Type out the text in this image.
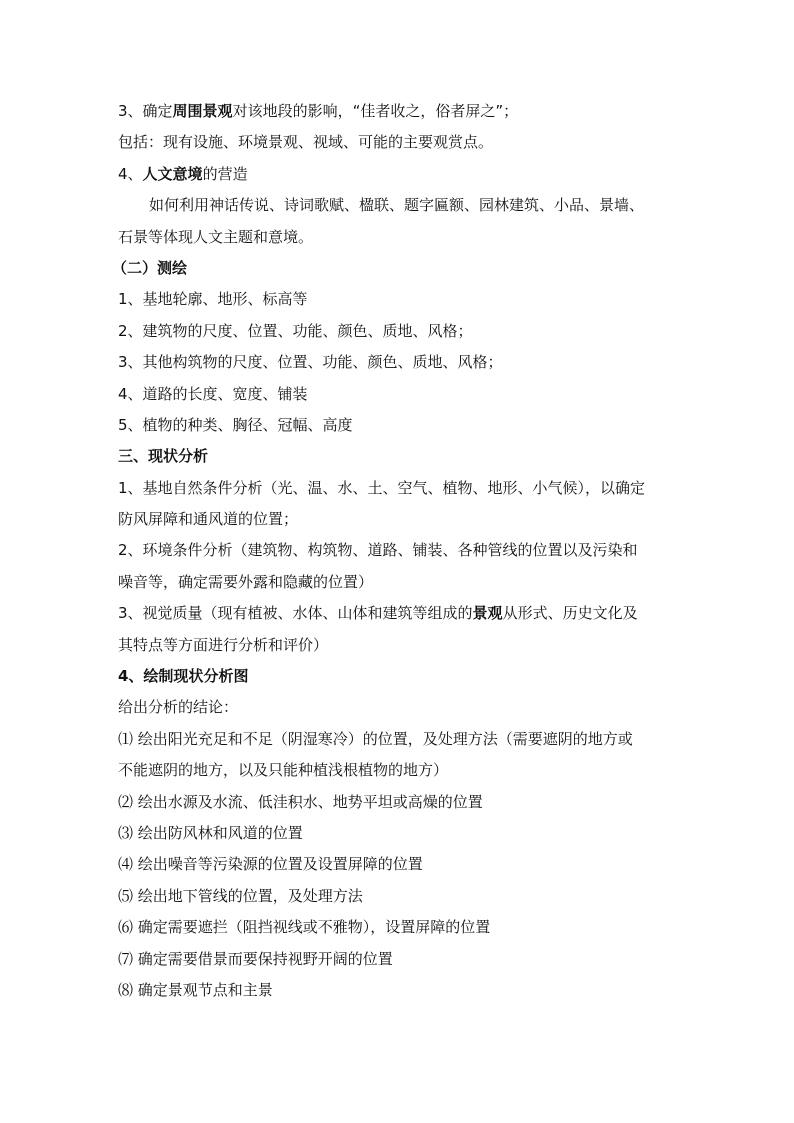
3、确定周围景观对该地段的影响，“佳者收之，俗者屏之”；
包括：现有设施、环境景观、视域、可能的主要观赏点。
4、人文意境的营造
如何利用神话传说、诗词歌赋、楹联、题字匾额、园林建筑、小品、景墙、
石景等体现人文主题和意境。
（二）测绘
1、基地轮廓、地形、标高等
2、建筑物的尺度、位置、功能、颜色、质地、风格；
3、其他构筑物的尺度、位置、功能、颜色、质地、风格；
4、道路的长度、宽度、铺装
5、植物的种类、胸径、冠幅、高度
三、现状分析
1、基地自然条件分析（光、温、水、土、空气、植物、地形、小气候），以确定
防风屏障和通风道的位置；
2、环境条件分析（建筑物、构筑物、道路、铺装、各种管线的位置以及污染和
噪音等，确定需要外露和隐藏的位置）
3、视觉质量（现有植被、水体、山体和建筑等组成的景观从形式、历史文化及
其特点等方面进行分析和评价）
4、绘制现状分析图
给出分析的结论：
⑴ 绘出阳光充足和不足（阴湿寒冷）的位置，及处理方法（需要遮阴的地方或
不能遮阴的地方，以及只能种植浅根植物的地方）
⑵ 绘出水源及水流、低洼积水、地势平坦或高燥的位置
⑶ 绘出防风林和风道的位置
⑷ 绘出噪音等污染源的位置及设置屏障的位置
⑸ 绘出地下管线的位置，及处理方法
⑹ 确定需要遮拦（阻挡视线或不雅物），设置屏障的位置
⑺ 确定需要借景而要保持视野开阔的位置
⑻ 确定景观节点和主景
